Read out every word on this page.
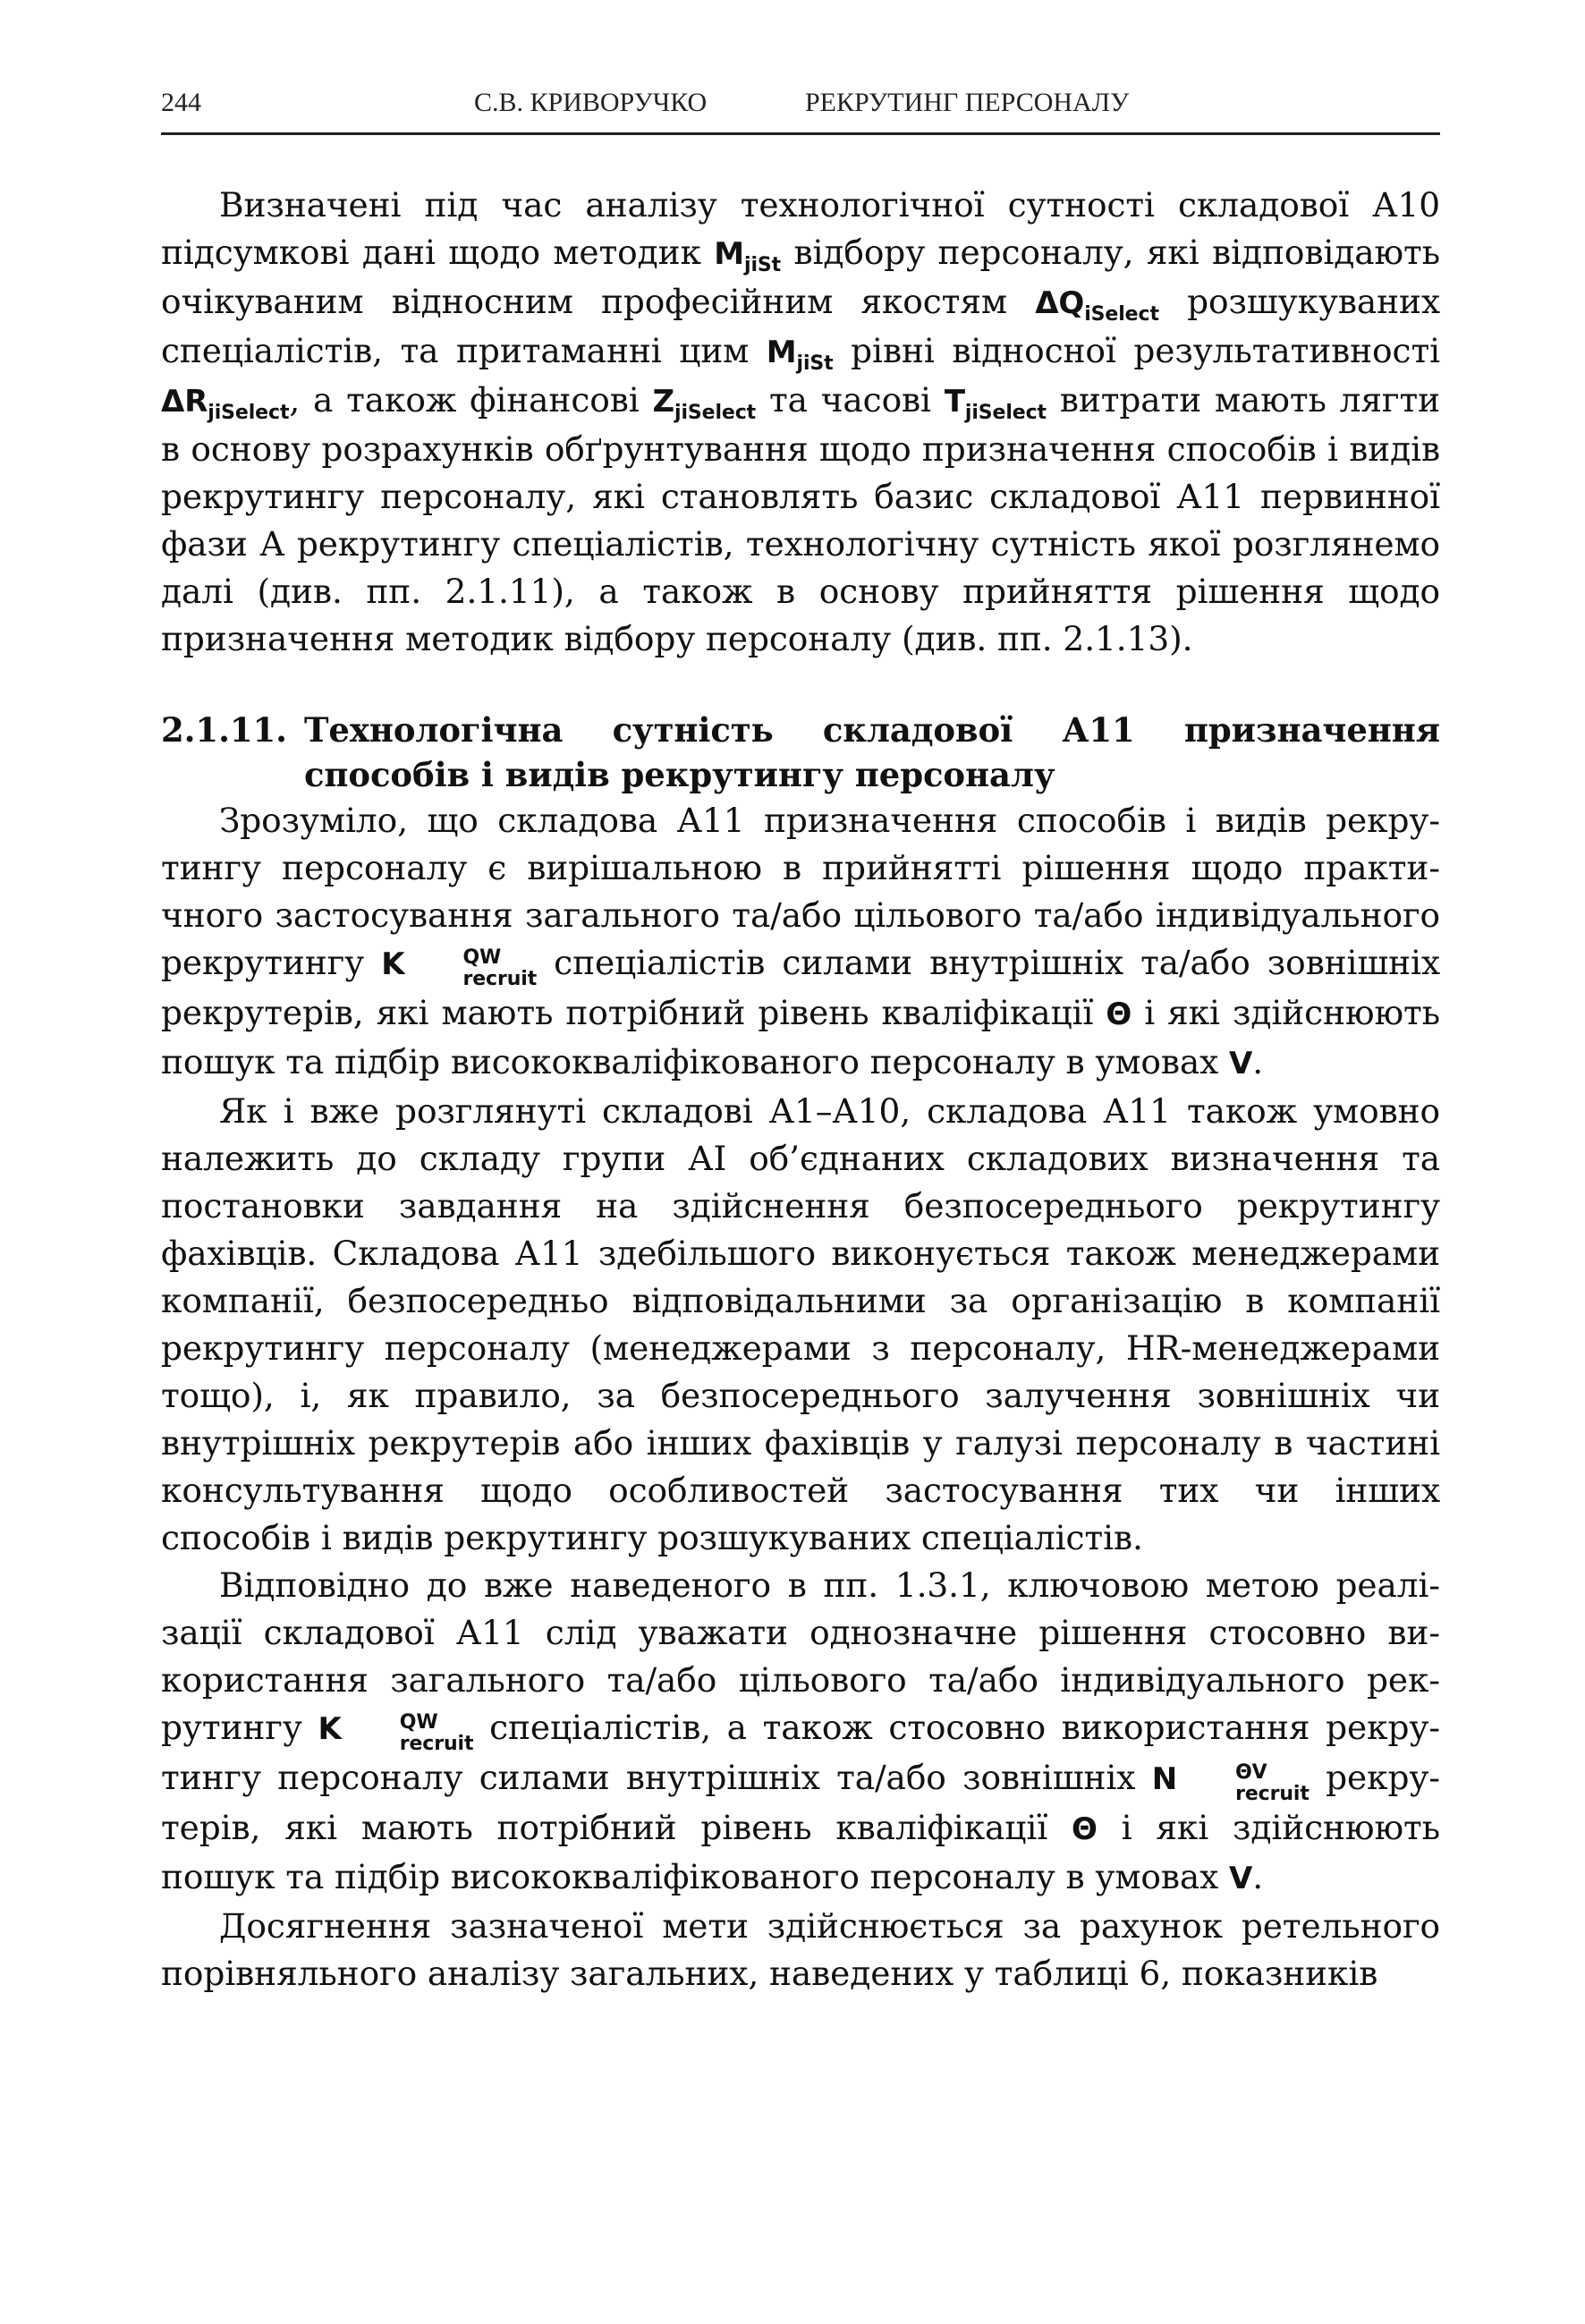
244	С.В. КРИВОРУЧКО	РЕКРУТИНГ ПЕРСОНАЛУ

Визначені під час аналізу технологічної сутності складової А10 підсумкові дані щодо методик $M_{jiSt}$ відбору персоналу, які відповідають очікуваним відносним професійним якостям $\Delta Q_{iSelect}$ розшукуваних спеціалістів, та притаманні цим $M_{jiSt}$ рівні відносної результативності $\Delta R_{jiSelect}$, а також фінансові $Z_{jiSelect}$ та часові $T_{jiSelect}$ витрати мають лягти в основу розрахунків обґрунтування щодо призначення способів і видів рекрутингу персоналу, які становлять базис складової А11 первинної фази А рекрутингу спеціалістів, технологічну сутність якої розглянемо далі (див. пп. 2.1.11), а також в основу прийняття рішення щодо призначення методик відбору персоналу (див. пп. 2.1.13).

2.1.11. Технологічна сутність складової А11 призначення способів і видів рекрутингу персоналу

Зрозуміло, що складова А11 призначення способів і видів рекрутингу персоналу є вирішальною в прийнятті рішення щодо практичного застосування загального та/або цільового та/або індивідуального рекрутингу K	QW
recruit спеціалістів силами внутрішніх та/або зовнішніх рекрутерів, які мають потрібний рівень кваліфікації Θ і які здійснюють пошук та підбір висококваліфікованого персоналу в умовах V.

Як і вже розглянуті складові А1–А10, складова А11 також умовно належить до складу групи АІ об’єднаних складових визначення та постановки завдання на здійснення безпосереднього рекрутингу фахівців. Складова А11 здебільшого виконується також менеджерами компанії, безпосередньо відповідальними за організацію в компанії рекрутингу персоналу (менеджерами з персоналу, HR-менеджерами тощо), і, як правило, за безпосереднього залучення зовнішніх чи внутрішніх рекрутерів або інших фахівців у галузі персоналу в частині консультування щодо особливостей застосування тих чи інших способів і видів рекрутингу розшукуваних спеціалістів.

Відповідно до вже наведеного в пп. 1.3.1, ключовою метою реалізації складової А11 слід уважати однозначне рішення стосовно використання загального та/або цільового та/або індивідуального рекрутингу K	QW
recruit спеціалістів, а також стосовно використання рекрутингу персоналу силами внутрішніх та/або зовнішніх N	ΘV
recruit рекрутерів, які мають потрібний рівень кваліфікації Θ і які здійснюють пошук та підбір висококваліфікованого персоналу в умовах V.

Досягнення зазначеної мети здійснюється за рахунок ретельного порівняльного аналізу загальних, наведених у таблиці 6, показників
